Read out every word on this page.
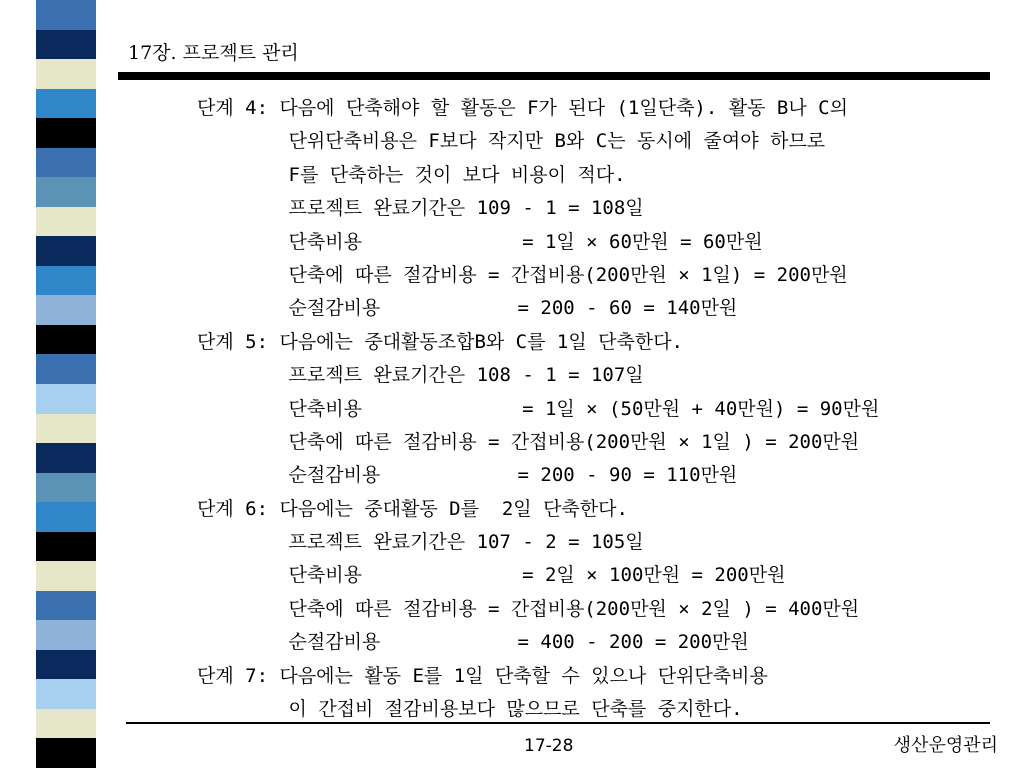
17장. 프로젝트 관리
단계 4: 다음에 단축해야 할 활동은 F가 된다 (1일단축). 활동 B나 C의
단위단축비용은 F보다 작지만 B와 C는 동시에 줄여야 하므로
F를 단축하는 것이 보다 비용이 적다.
프로젝트 완료기간은 109 - 1 = 108일
단축비용              = 1일 × 60만원 = 60만원
단축에 따른 절감비용 = 간접비용(200만원 × 1일) = 200만원
순절감비용            = 200 - 60 = 140만원
단계 5: 다음에는 중대활동조합B와 C를 1일 단축한다.
프로젝트 완료기간은 108 - 1 = 107일
단축비용              = 1일 × (50만원 + 40만원) = 90만원
단축에 따른 절감비용 = 간접비용(200만원 × 1일 ) = 200만원
순절감비용            = 200 - 90 = 110만원
단계 6: 다음에는 중대활동 D를  2일 단축한다.
프로젝트 완료기간은 107 - 2 = 105일
단축비용              = 2일 × 100만원 = 200만원
단축에 따른 절감비용 = 간접비용(200만원 × 2일 ) = 400만원
순절감비용            = 400 - 200 = 200만원
단계 7: 다음에는 활동 E를 1일 단축할 수 있으나 단위단축비용
이 간접비 절감비용보다 많으므로 단축를 중지한다.
17-28	생산운영관리
